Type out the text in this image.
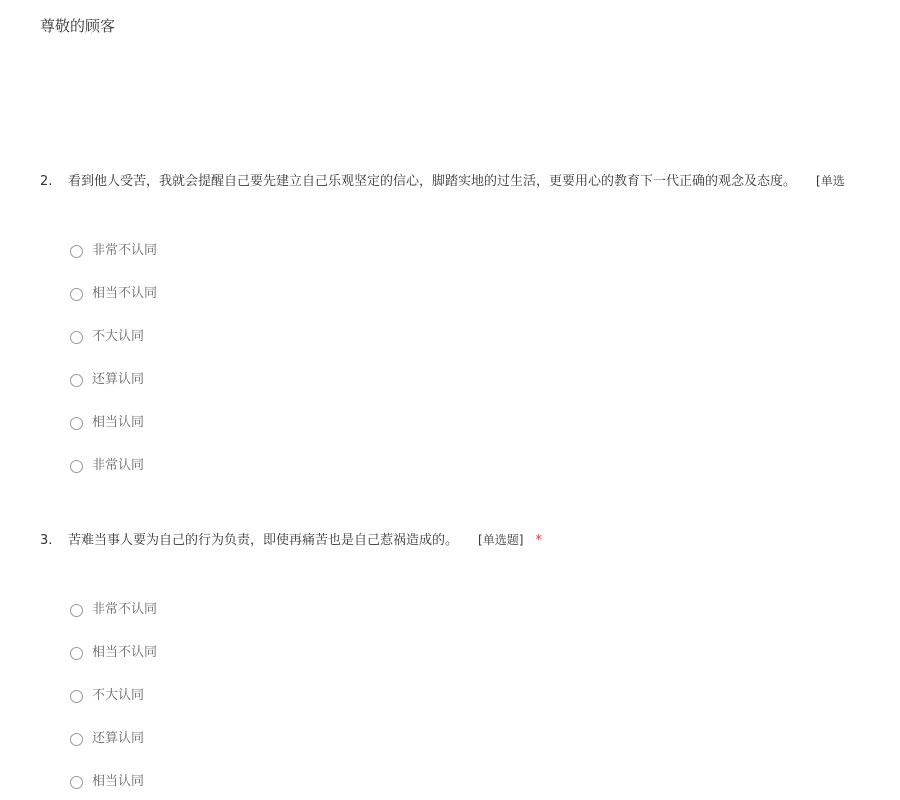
尊敬的顾客
2. 看到他人受苦，我就会提醒自己要先建立自己乐观坚定的信心，脚踏实地的过生活，更要用心的教育下一代正确的观念及态度。 [单选
非常不认同
相当不认同
不大认同
还算认同
相当认同
非常认同
3. 苦难当事人要为自己的行为负责，即使再痛苦也是自己惹祸造成的。 [单选题] *
非常不认同
相当不认同
不大认同
还算认同
相当认同
